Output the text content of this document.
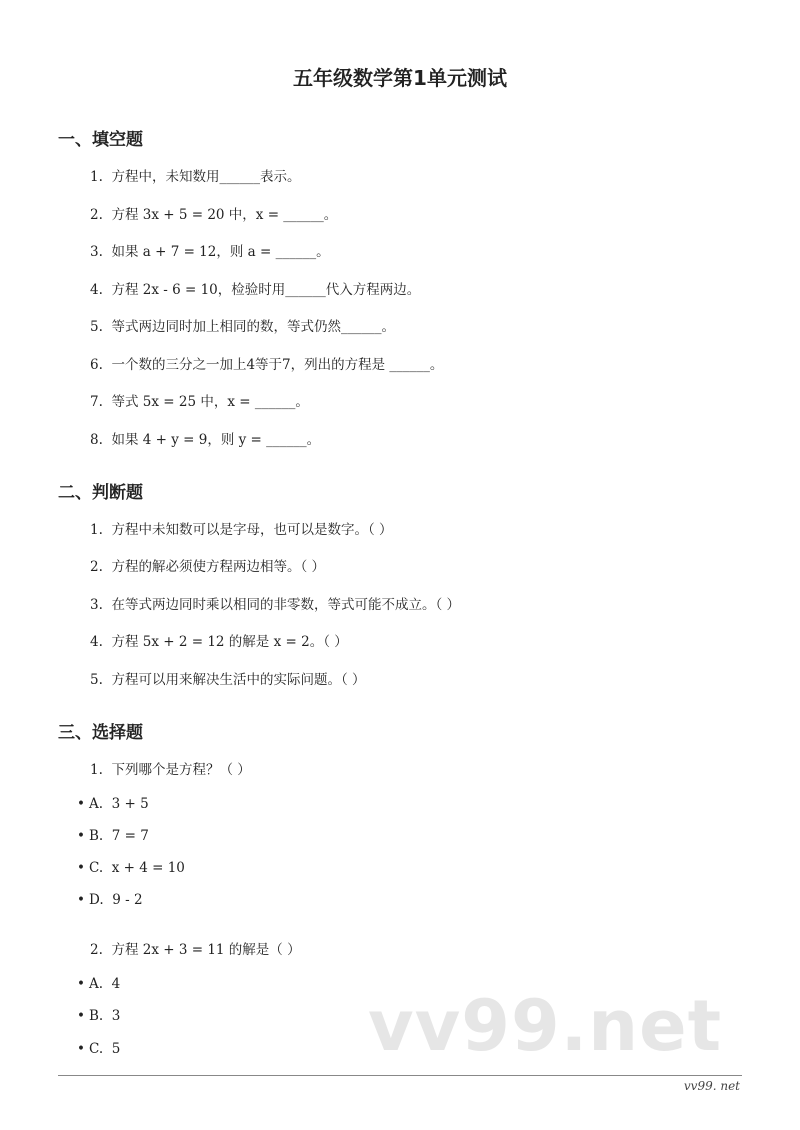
五年级数学第1单元测试
一、填空题
1.  方程中，未知数用______表示。
2.  方程 3x + 5 = 20 中，x = ______。
3.  如果 a + 7 = 12，则 a = ______。
4.  方程 2x - 6 = 10，检验时用______代入方程两边。
5.  等式两边同时加上相同的数，等式仍然______。
6.  一个数的三分之一加上4等于7，列出的方程是 ______。
7.  等式 5x = 25 中，x = ______。
8.  如果 4 + y = 9，则 y = ______。
二、判断题
1.  方程中未知数可以是字母，也可以是数字。（ ）
2.  方程的解必须使方程两边相等。（ ）
3.  在等式两边同时乘以相同的非零数，等式可能不成立。（ ）
4.  方程 5x + 2 = 12 的解是 x = 2。（ ）
5.  方程可以用来解决生活中的实际问题。（ ）
三、选择题
1.  下列哪个是方程？（ ）
• A.  3 + 5
• B.  7 = 7
• C.  x + 4 = 10
• D.  9 - 2
2.  方程 2x + 3 = 11 的解是（ ）
• A.  4
• B.  3
• C.  5	vv99.net
vv99. net
